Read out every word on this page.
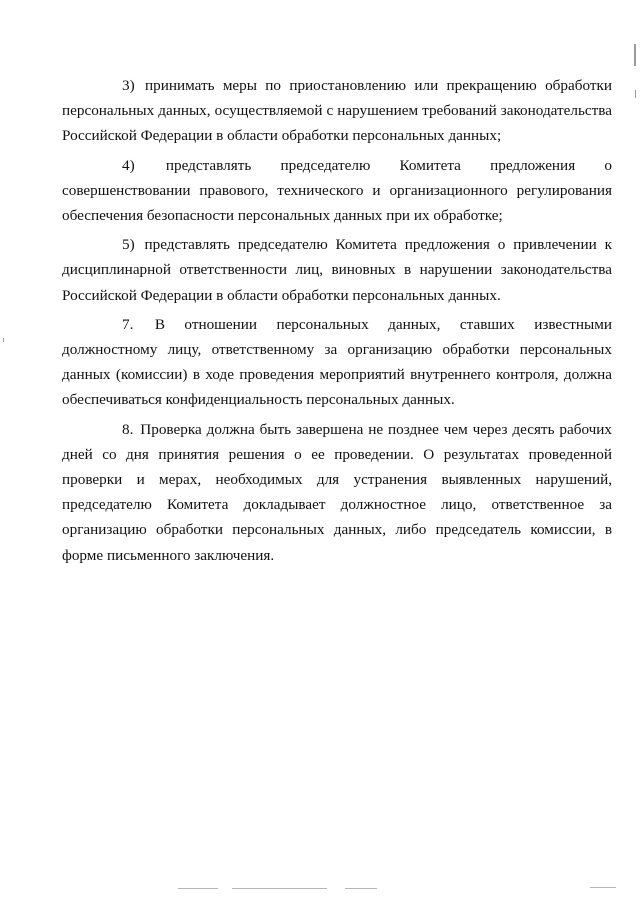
3) принимать меры по приостановлению или прекращению обработки персональных данных, осуществляемой с нарушением требований законодательства Российской Федерации в области обработки персональных данных;

4) представлять председателю Комитета предложения о совершенствовании правового, технического и организационного регулирования обеспечения безопасности персональных данных при их обработке;

5) представлять председателю Комитета предложения о привлечении к дисциплинарной ответственности лиц, виновных в нарушении законодательства Российской Федерации в области обработки персональных данных.

7. В отношении персональных данных, ставших известными должностному лицу, ответственному за организацию обработки персональных данных (комиссии) в ходе проведения мероприятий внутреннего контроля, должна обеспечиваться конфиденциальность персональных данных.

8. Проверка должна быть завершена не позднее чем через десять рабочих дней со дня принятия решения о ее проведении. О результатах проведенной проверки и мерах, необходимых для устранения выявленных нарушений, председателю Комитета докладывает должностное лицо, ответственное за организацию обработки персональных данных, либо председатель комиссии, в форме письменного заключения.
